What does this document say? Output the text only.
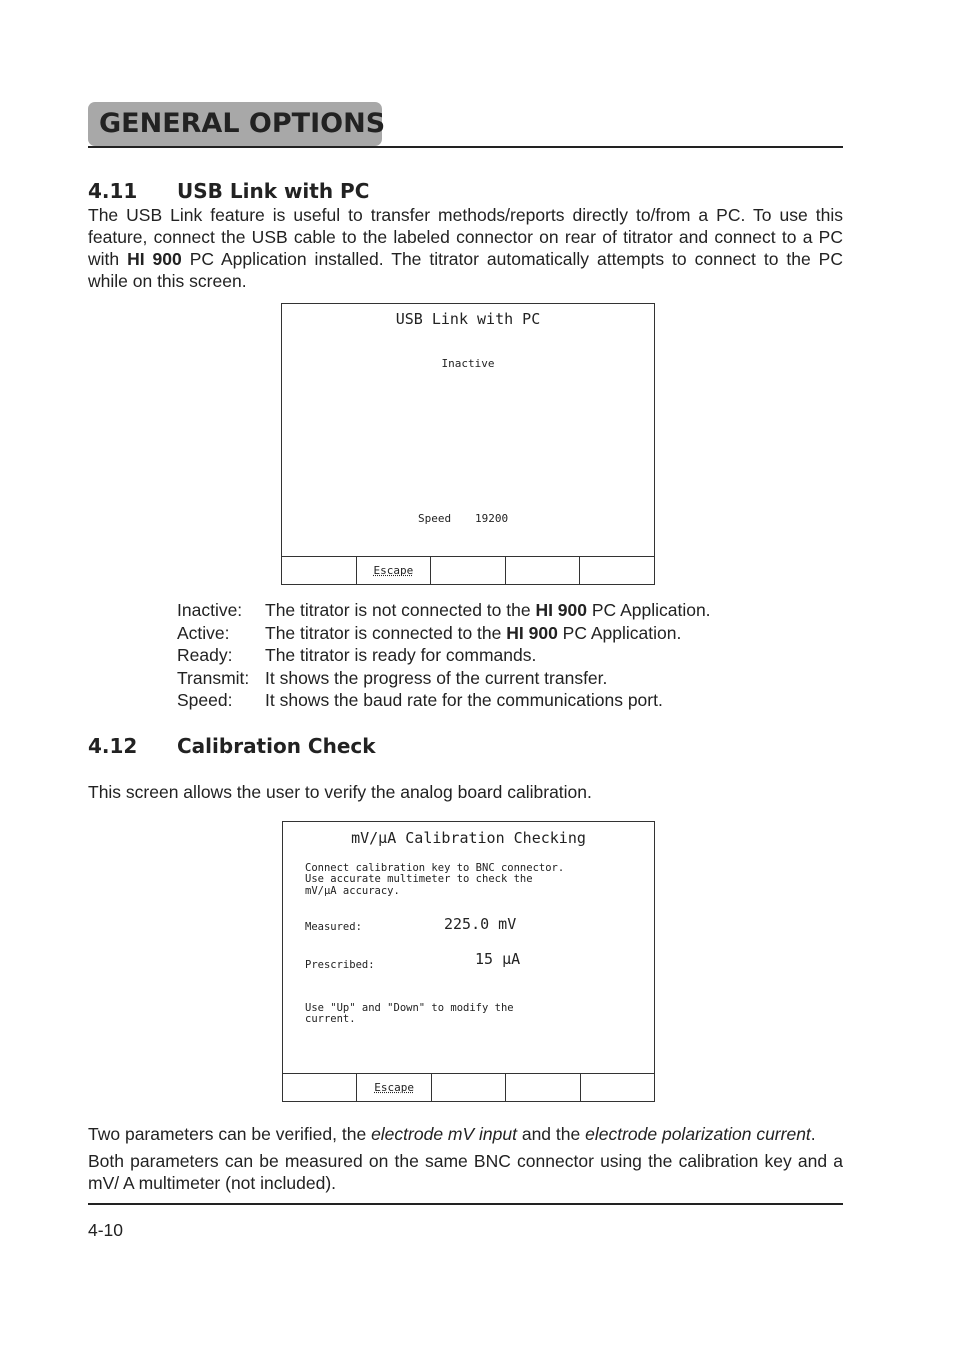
GENERAL OPTIONS
4.11 USB Link with PC
The USB Link feature is useful to transfer methods/reports directly to/from a PC. To use this feature, connect the USB cable to the labeled connector on rear of titrator and connect to a PC with HI 900 PC Application installed. The titrator automatically attempts to connect to the PC while on this screen.
USB Link with PC
Inactive
Speed 19200
Escape
Inactive:	The titrator is not connected to the HI 900 PC Application.
Active:	The titrator is connected to the HI 900 PC Application.
Ready:	The titrator is ready for commands.
Transmit: It shows the progress of the current transfer.
Speed:	It shows the baud rate for the communications port.
4.12 Calibration Check
This screen allows the user to verify the analog board calibration.
mV/µA Calibration Checking
Connect calibration key to BNC connector.
Use accurate multimeter to check the
mV/µA accuracy.
Measured:	225.0 mV
Prescribed:	15 µA
Use "Up" and "Down" to modify the
current.
Escape
Two parameters can be verified, the electrode mV input and the electrode polarization current.
Both parameters can be measured on the same BNC connector using the calibration key and a mV/ A multimeter (not included).
4-10
